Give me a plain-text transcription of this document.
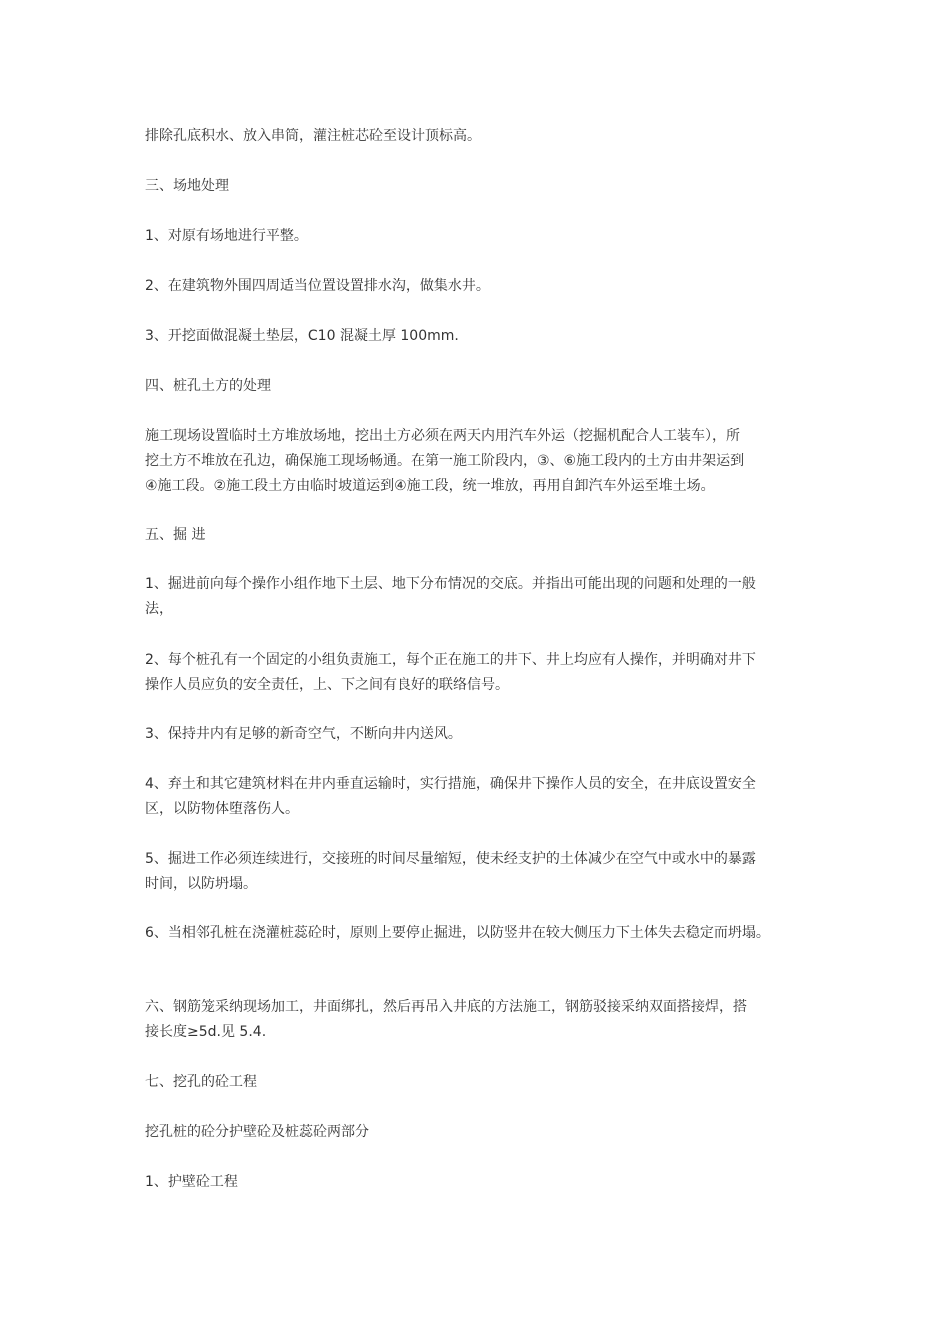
排除孔底积水、放入串筒，灌注桩芯砼至设计顶标高。
三、场地处理
1、对原有场地进行平整。
2、在建筑物外围四周适当位置设置排水沟，做集水井。
3、开挖面做混凝土垫层，C10 混凝土厚 100mm.
四、桩孔土方的处理
施工现场设置临时土方堆放场地，挖出土方必须在两天内用汽车外运（挖掘机配合人工装车），所
挖土方不堆放在孔边，确保施工现场畅通。在第一施工阶段内，③、⑥施工段内的土方由井架运到
④施工段。②施工段土方由临时坡道运到④施工段，统一堆放，再用自卸汽车外运至堆土场。
五、掘 进
1、掘进前向每个操作小组作地下土层、地下分布情况的交底。并指出可能出现的问题和处理的一般
法，
2、每个桩孔有一个固定的小组负责施工，每个正在施工的井下、井上均应有人操作，并明确对井下
操作人员应负的安全责任，上、下之间有良好的联络信号。
3、保持井内有足够的新奇空气，不断向井内送风。
4、弃土和其它建筑材料在井内垂直运输时，实行措施，确保井下操作人员的安全，在井底设置安全
区，以防物体堕落伤人。
5、掘进工作必须连续进行，交接班的时间尽量缩短，使未经支护的土体减少在空气中或水中的暴露
时间，以防坍塌。
6、当相邻孔桩在浇灌桩蕊砼时，原则上要停止掘进，以防竖井在较大侧压力下土体失去稳定而坍塌。
六、钢筋笼采纳现场加工，井面绑扎，然后再吊入井底的方法施工，钢筋驳接采纳双面搭接焊，搭
接长度≥5d.见 5.4.
七、挖孔的砼工程
挖孔桩的砼分护壁砼及桩蕊砼两部分
1、护壁砼工程
